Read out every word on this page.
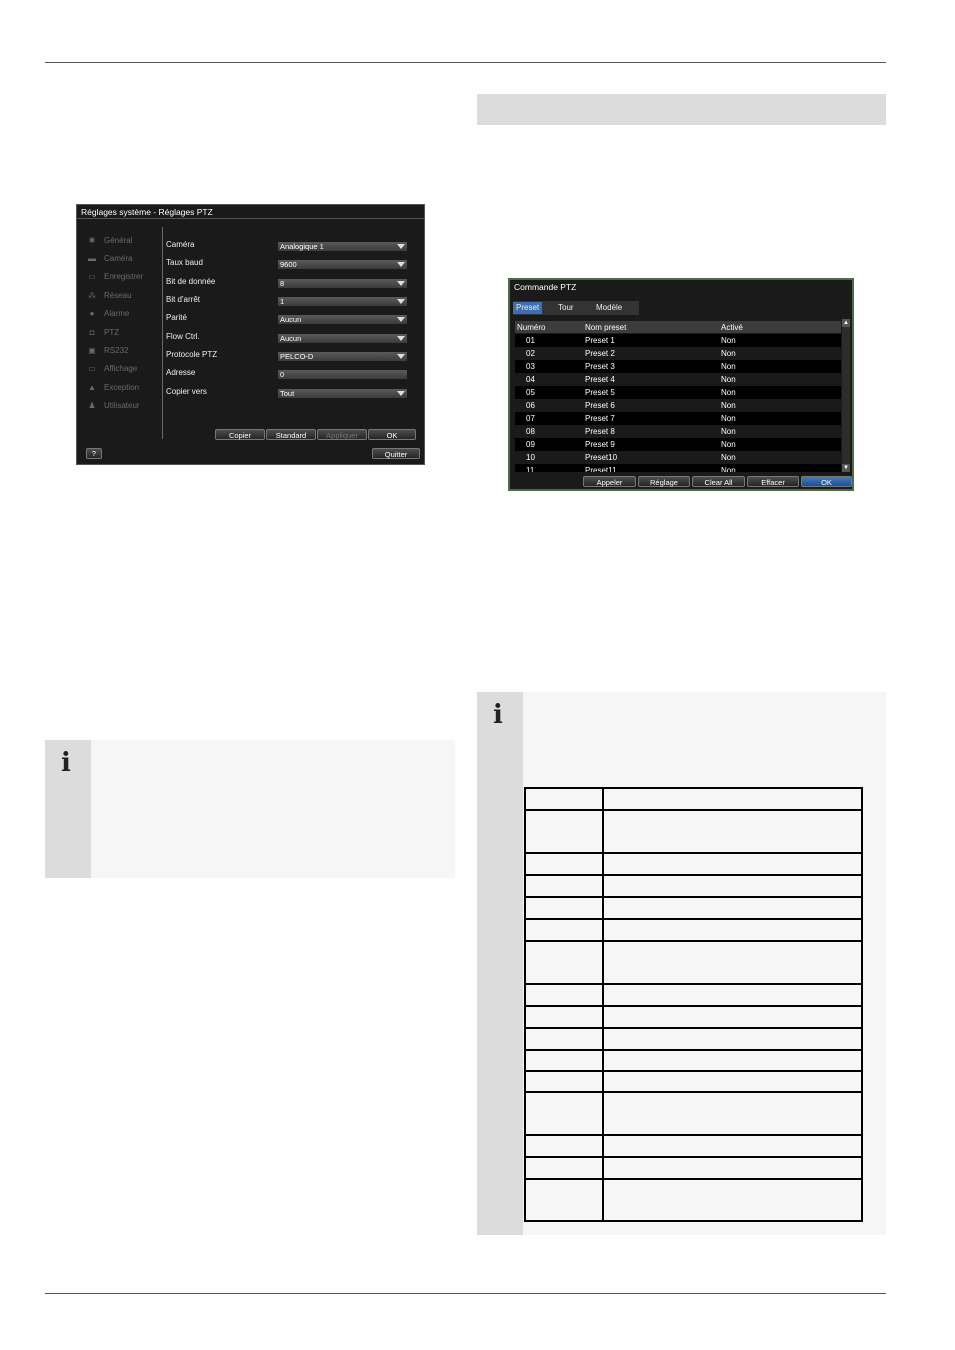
Réglages système - Réglages PTZ
✱ Général
▬ Caméra
▭ Enregistrer
⁂ Réseau
●	Alarme
◘	PTZ
▣ RS232
▭ Affichage
▲ Exception
♟ Utilisateur
Caméra	Analogique 1
Taux baud	9600
Bit de donnée	8
Bit d'arrêt	1
Parité	Aucun
Flow Ctrl.	Aucun
Protocole PTZ	PELCO-D
Adresse	0
Copier vers	Tout
Copier	Standard	Appliquer	OK
?	Quitter
Commande PTZ
Preset	Tour	Modèle
Numéro	Nom preset	Activé
01	Preset 1	Non
02	Preset 2	Non
03	Preset 3	Non
04	Preset 4	Non
05	Preset 5	Non
06	Preset 6	Non
07	Preset 7	Non
08	Preset 8	Non
09	Preset 9	Non
10	Preset10	Non
11	Preset11	Non
▲
▼
Appeler	Réglage	Clear All	Effacer	OK
i
i
